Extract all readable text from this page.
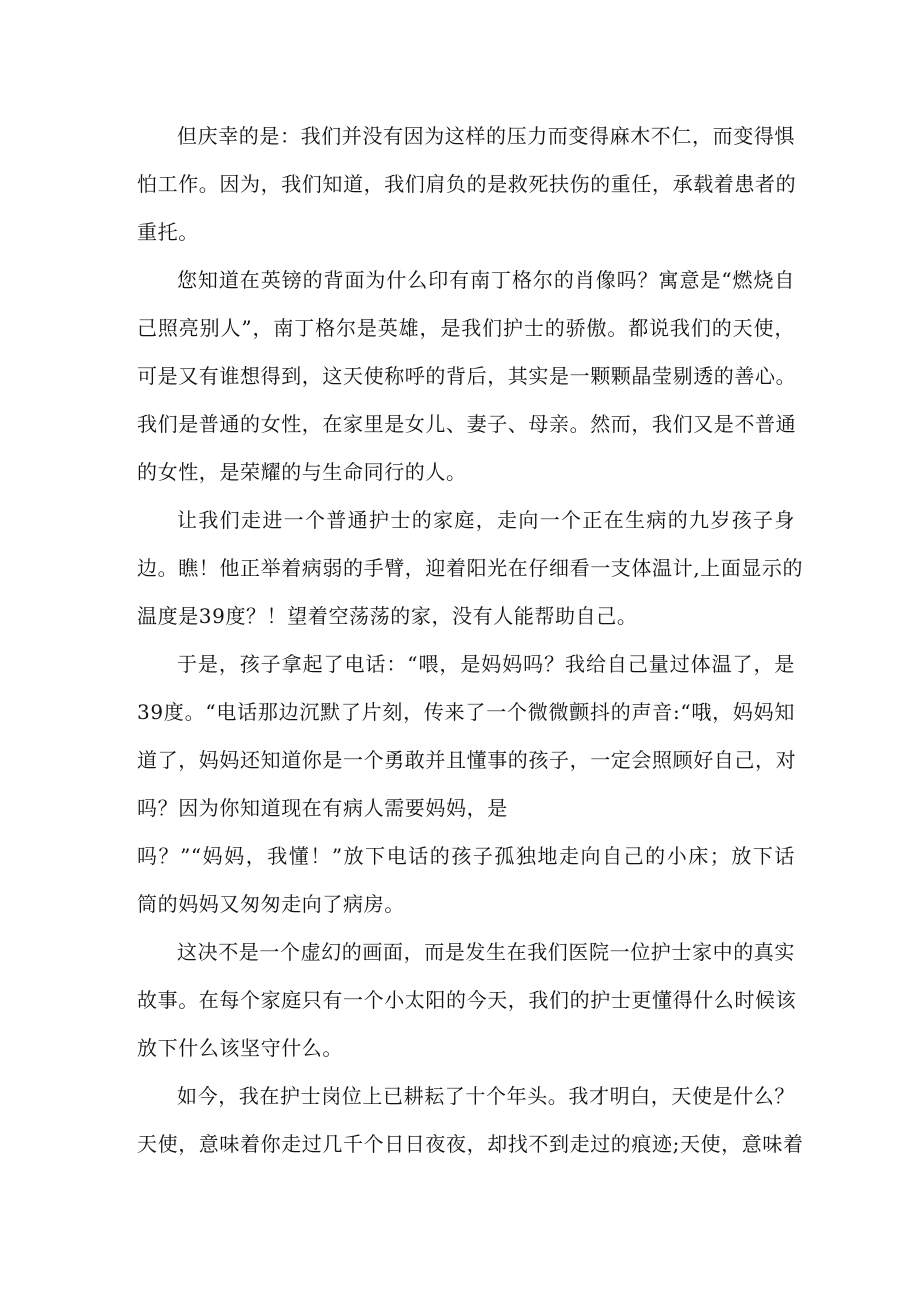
但庆幸的是：我们并没有因为这样的压力而变得麻木不仁，而变得惧
怕工作。因为，我们知道，我们肩负的是救死扶伤的重任，承载着患者的
重托。
您知道在英镑的背面为什么印有南丁格尔的肖像吗？寓意是“燃烧自
己照亮别人”，南丁格尔是英雄，是我们护士的骄傲。都说我们的天使，
可是又有谁想得到，这天使称呼的背后，其实是一颗颗晶莹剔透的善心。
我们是普通的女性，在家里是女儿、妻子、母亲。然而，我们又是不普通
的女性，是荣耀的与生命同行的人。
让我们走进一个普通护士的家庭，走向一个正在生病的九岁孩子身
边。瞧！他正举着病弱的手臂，迎着阳光在仔细看一支体温计,上面显示的
温度是39度？！望着空荡荡的家，没有人能帮助自己。
于是，孩子拿起了电话：“喂，是妈妈吗？我给自己量过体温了，是
39度。“电话那边沉默了片刻，传来了一个微微颤抖的声音:“哦，妈妈知
道了，妈妈还知道你是一个勇敢并且懂事的孩子，一定会照顾好自己，对
吗？因为你知道现在有病人需要妈妈，是
吗？”“妈妈，我懂！”放下电话的孩子孤独地走向自己的小床；放下话
筒的妈妈又匆匆走向了病房。
这决不是一个虚幻的画面，而是发生在我们医院一位护士家中的真实
故事。在每个家庭只有一个小太阳的今天，我们的护士更懂得什么时候该
放下什么该坚守什么。
如今，我在护士岗位上已耕耘了十个年头。我才明白，天使是什么？
天使，意味着你走过几千个日日夜夜，却找不到走过的痕迹;天使，意味着
